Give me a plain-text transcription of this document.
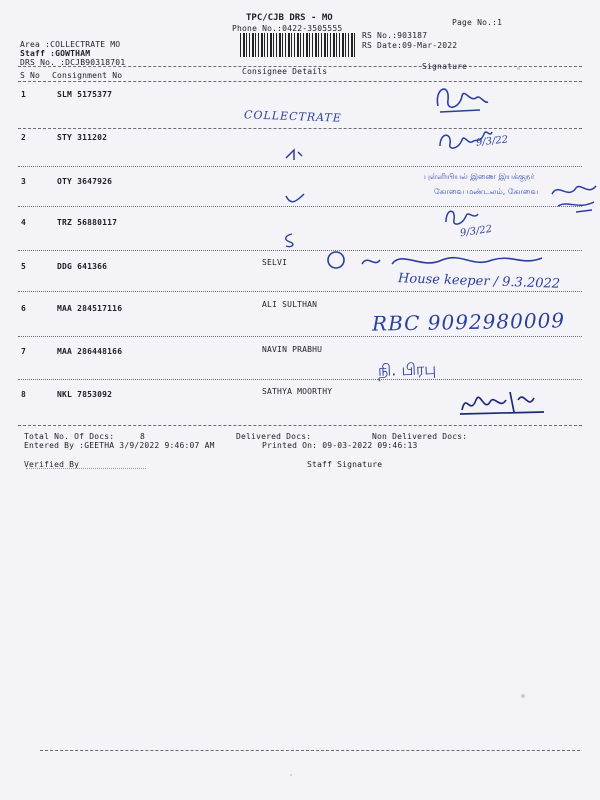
TPC/CJB DRS - MO
Phone No.:0422-3505555
Page No.:1
RS No.:903187
RS Date:09-Mar-2022
Area :COLLECTRATE MO
Staff :GOWTHAM
DRS No. :DCJB90318701	Signature
S No Consignment No	Consignee Details
1	SLM 5175377
2	STY 311202
3	OTY 3647926
4	TRZ 56880117
5	DDG 641366	SELVI
6	MAA 284517116	ALI SULTHAN
7	MAA 286448166	NAVIN PRABHU
8	NKL 7853092	SATHYA MOORTHY
Total No. Of Docs:	8	Delivered Docs:	Non Delivered Docs:
Entered By :GEETHA 3/9/2022 9:46:07 AM	Printed On: 09-03-2022 09:46:13
Verified By	Staff Signature
COLLECTRATE
9/3/22
புள்ளியியல் இணை இயக்குநர்
கோவை மண்டலம், கோவை
9/3/22
House keeper / 9.3.2022
RBC 9092980009
நி. பிரபு
